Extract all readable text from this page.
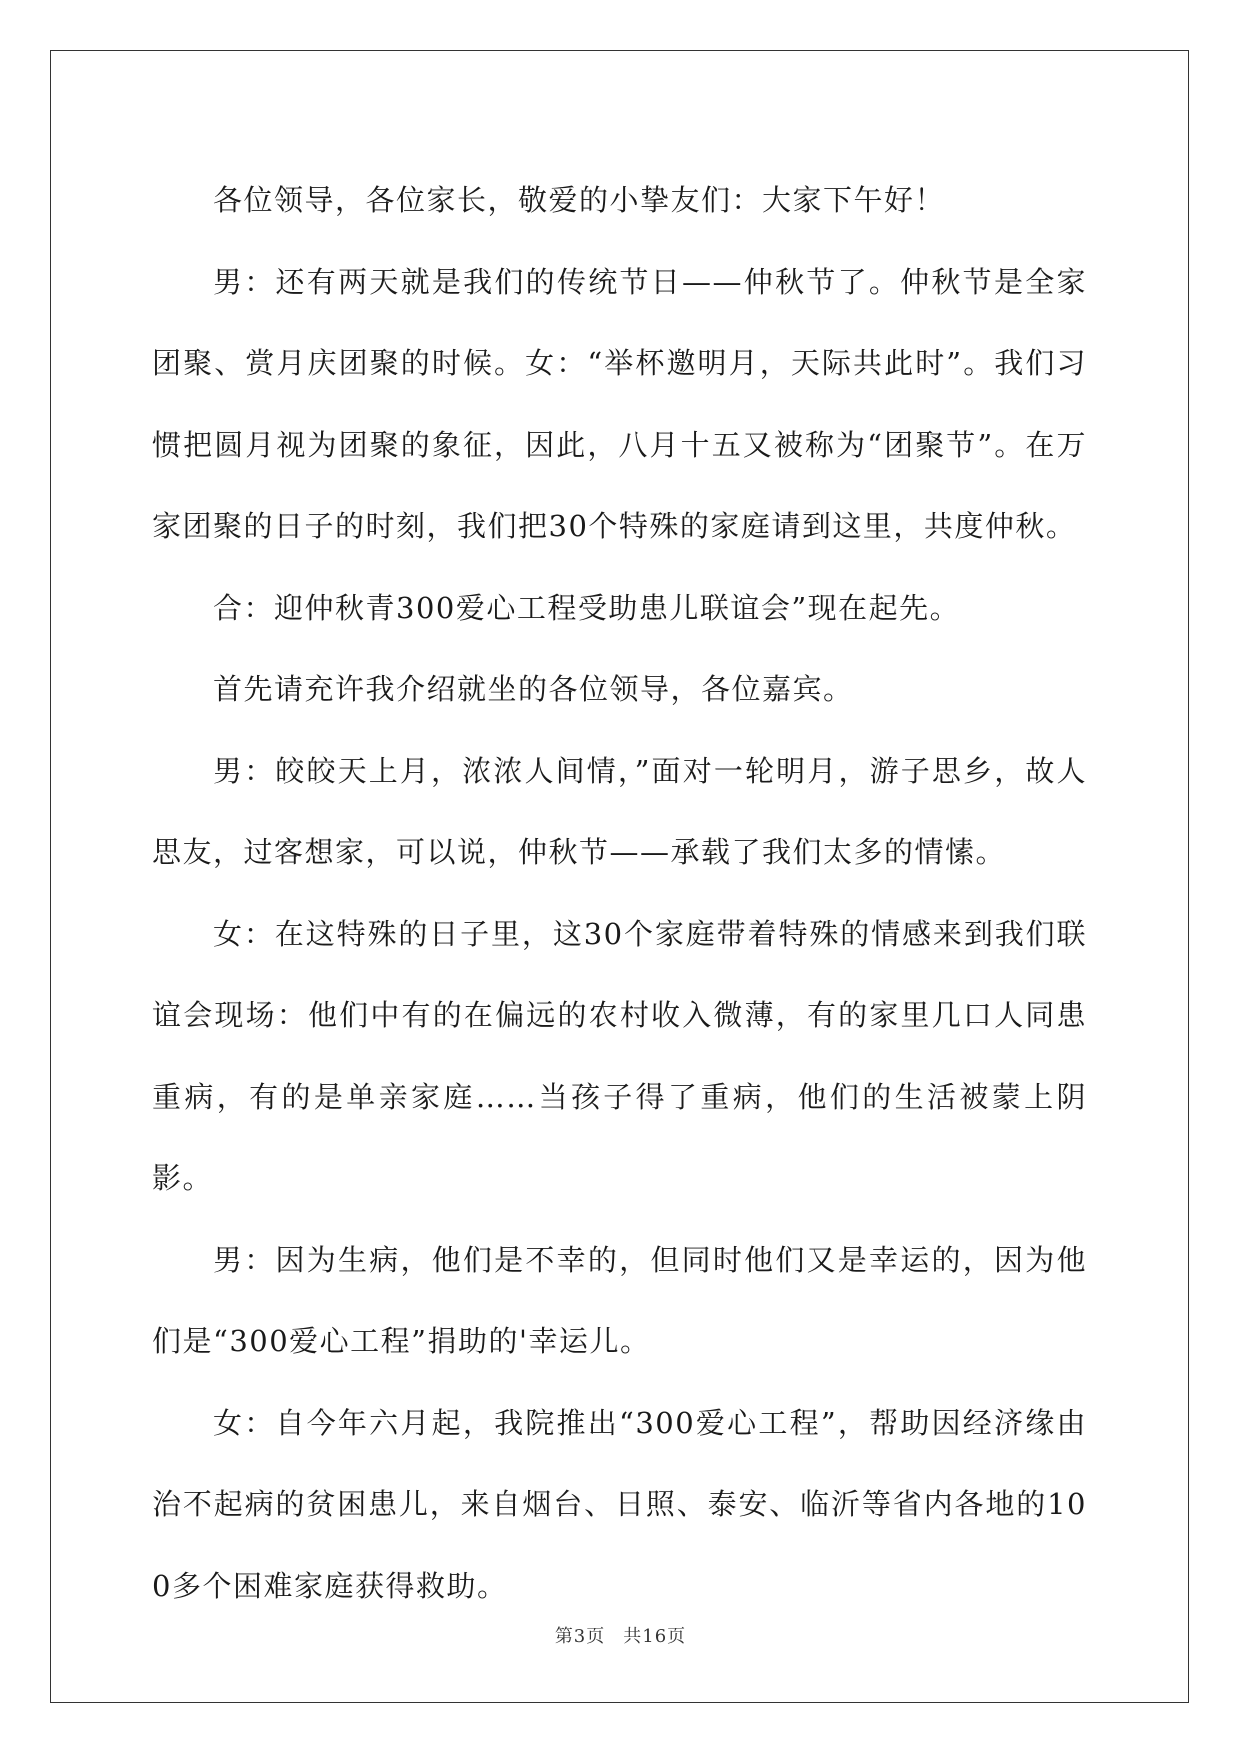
各位领导，各位家长，敬爱的小挚友们：大家下午好！

男：还有两天就是我们的传统节日——仲秋节了。仲秋节是全家团聚、赏月庆团聚的时候。女：“举杯邀明月，天际共此时”。我们习惯把圆月视为团聚的象征，因此，八月十五又被称为“团聚节”。在万家团聚的日子的时刻，我们把30个特殊的家庭请到这里，共度仲秋。

合：迎仲秋青300爱心工程受助患儿联谊会”现在起先。

首先请充许我介绍就坐的各位领导，各位嘉宾。

男：皎皎天上月，浓浓人间情，”面对一轮明月，游子思乡，故人思友，过客想家，可以说，仲秋节——承载了我们太多的情愫。

女：在这特殊的日子里，这30个家庭带着特殊的情感来到我们联谊会现场：他们中有的在偏远的农村收入微薄，有的家里几口人同患重病，有的是单亲家庭……当孩子得了重病，他们的生活被蒙上阴影。

男：因为生病，他们是不幸的，但同时他们又是幸运的，因为他们是“300爱心工程”捐助的'幸运儿。

女：自今年六月起，我院推出“300爱心工程”，帮助因经济缘由治不起病的贫困患儿，来自烟台、日照、泰安、临沂等省内各地的100多个困难家庭获得救助。

第3页 共16页
